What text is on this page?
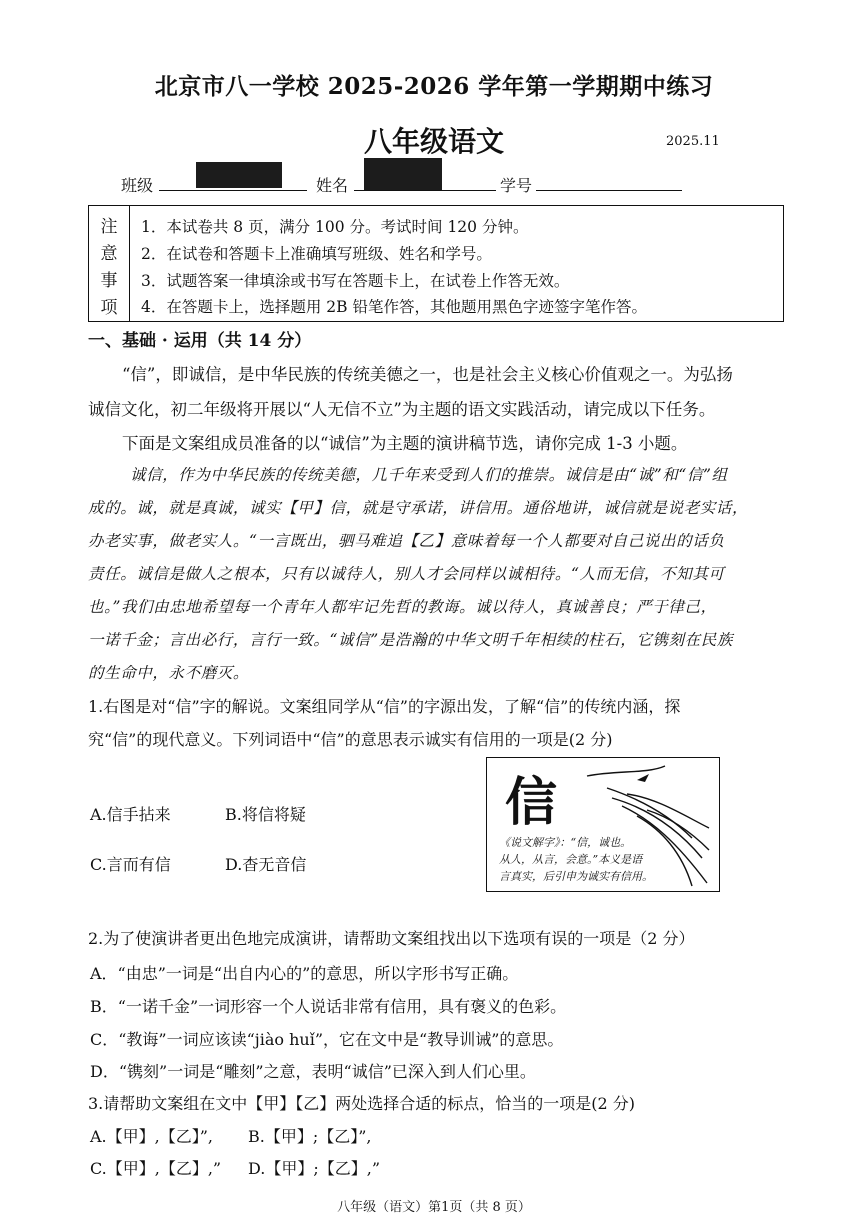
北京市八一学校 2025-2026 学年第一学期期中练习
八年级语文	2025.11
班级	姓名	学号
注
意
事
项
1．本试卷共 8 页，满分 100 分。考试时间 120 分钟。
2．在试卷和答题卡上准确填写班级、姓名和学号。
3．试题答案一律填涂或书写在答题卡上，在试卷上作答无效。
4．在答题卡上，选择题用 2B 铅笔作答，其他题用黑色字迹签字笔作答。
一、基础 · 运用（共 14 分）
“信”，即诚信，是中华民族的传统美德之一，也是社会主义核心价值观之一。为弘扬
诚信文化，初二年级将开展以“人无信不立”为主题的语文实践活动，请完成以下任务。
下面是文案组成员准备的以“诚信”为主题的演讲稿节选，请你完成 1-3 小题。
诚信，作为中华民族的传统美德，几千年来受到人们的推崇。诚信是由“诚”和“信”组
成的。诚，就是真诚，诚实【甲】信，就是守承诺，讲信用。通俗地讲，诚信就是说老实话，
办老实事，做老实人。“一言既出，驷马难追【乙】意味着每一个人都要对自己说出的话负
责任。诚信是做人之根本，只有以诚待人，别人才会同样以诚相待。“人而无信，不知其可
也。”我们由忠地希望每一个青年人都牢记先哲的教诲。诚以待人，真诚善良；严于律己，
一诺千金；言出必行，言行一致。“诚信”是浩瀚的中华文明千年相续的柱石，它镌刻在民族
的生命中，永不磨灭。
1.右图是对“信”字的解说。文案组同学从“信”的字源出发，了解“信”的传统内涵，探
究“信”的现代意义。下列词语中“信”的意思表示诚实有信用的一项是(2 分)
A.信手拈来	B.将信将疑
C.言而有信	D.杳无音信
信
《说文解字》：“信，诚也。
从人，从言，会意。”本义是语
言真实，后引申为诚实有信用。
2.为了使演讲者更出色地完成演讲，请帮助文案组找出以下选项有误的一项是（2 分）
A．“由忠”一词是“出自内心的”的意思，所以字形书写正确。
B．“一诺千金”一词形容一个人说话非常有信用，具有褒义的色彩。
C．“教诲”一词应该读“jiào huǐ”，它在文中是“教导训诫”的意思。
D．“镌刻”一词是“雕刻”之意，表明“诚信”已深入到人们心里。
3.请帮助文案组在文中【甲】【乙】两处选择合适的标点，恰当的一项是(2 分)
A.【甲】,【乙】”, B.【甲】;【乙】”,
C.【甲】,【乙】,” D.【甲】;【乙】,”
八年级（语文）第1页（共 8 页）
